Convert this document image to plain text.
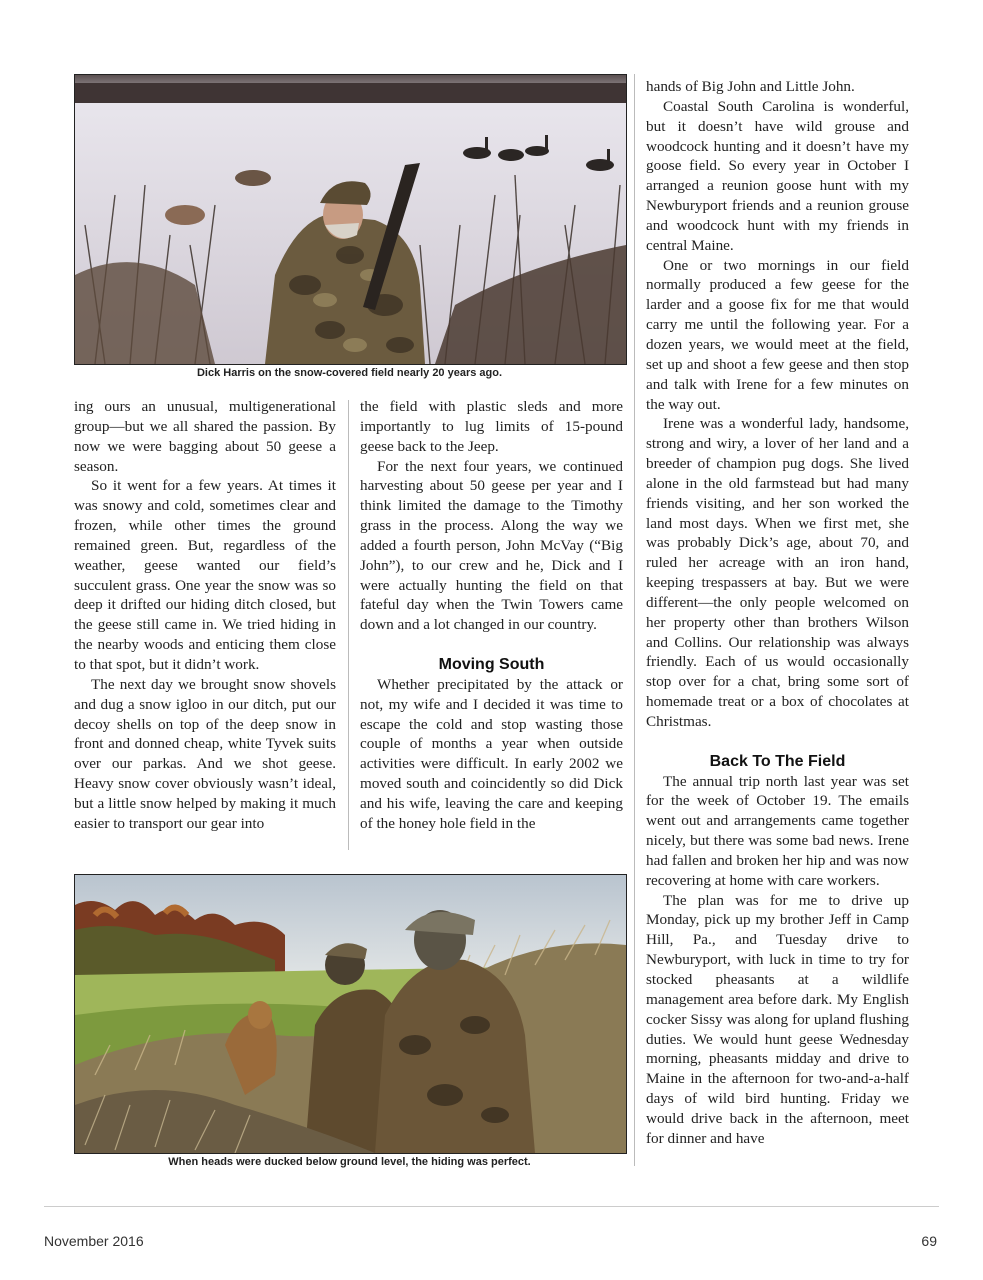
Dick Harris on the snow-covered field nearly 20 years ago.

ing ours an unusual, multigenerational group—but we all shared the passion. By now we were bagging about 50 geese a season.

So it went for a few years. At times it was snowy and cold, sometimes clear and frozen, while other times the ground remained green. But, regardless of the weather, geese wanted our field’s succulent grass. One year the snow was so deep it drifted our hiding ditch closed, but the geese still came in. We tried hiding in the nearby woods and enticing them close to that spot, but it didn’t work.

The next day we brought snow shovels and dug a snow igloo in our ditch, put our decoy shells on top of the deep snow in front and donned cheap, white Tyvek suits over our parkas. And we shot geese. Heavy snow cover obviously wasn’t ideal, but a little snow helped by making it much easier to transport our gear into

the field with plastic sleds and more importantly to lug limits of 15-pound geese back to the Jeep.

For the next four years, we continued harvesting about 50 geese per year and I think limited the damage to the Timothy grass in the process. Along the way we added a fourth person, John McVay (“Big John”), to our crew and he, Dick and I were actually hunting the field on that fateful day when the Twin Towers came down and a lot changed in our country.

Moving South

Whether precipitated by the attack or not, my wife and I decided it was time to escape the cold and stop wasting those couple of months a year when outside activities were difficult. In early 2002 we moved south and coincidently so did Dick and his wife, leaving the care and keeping of the honey hole field in the

hands of Big John and Little John.

Coastal South Carolina is wonderful, but it doesn’t have wild grouse and woodcock hunting and it doesn’t have my goose field. So every year in October I arranged a reunion goose hunt with my Newburyport friends and a reunion grouse and woodcock hunt with my friends in central Maine.

One or two mornings in our field normally produced a few geese for the larder and a goose fix for me that would carry me until the following year. For a dozen years, we would meet at the field, set up and shoot a few geese and then stop and talk with Irene for a few minutes on the way out.

Irene was a wonderful lady, handsome, strong and wiry, a lover of her land and a breeder of champion pug dogs. She lived alone in the old farmstead but had many friends visiting, and her son worked the land most days. When we first met, she was probably Dick’s age, about 70, and ruled her acreage with an iron hand, keeping trespassers at bay. But we were different—the only people welcomed on her property other than brothers Wilson and Collins. Our relationship was always friendly. Each of us would occasionally stop over for a chat, bring some sort of homemade treat or a box of chocolates at Christmas.

Back To The Field

The annual trip north last year was set for the week of October 19. The emails went out and arrangements came together nicely, but there was some bad news. Irene had fallen and broken her hip and was now recovering at home with care workers.

The plan was for me to drive up Monday, pick up my brother Jeff in Camp Hill, Pa., and Tuesday drive to Newburyport, with luck in time to try for stocked pheasants at a wildlife management area before dark. My English cocker Sissy was along for upland flushing duties. We would hunt geese Wednesday morning, pheasants midday and drive to Maine in the afternoon for two-and-a-half days of wild bird hunting. Friday we would drive back in the afternoon, meet for dinner and have

When heads were ducked below ground level, the hiding was perfect.
November 2016	69
